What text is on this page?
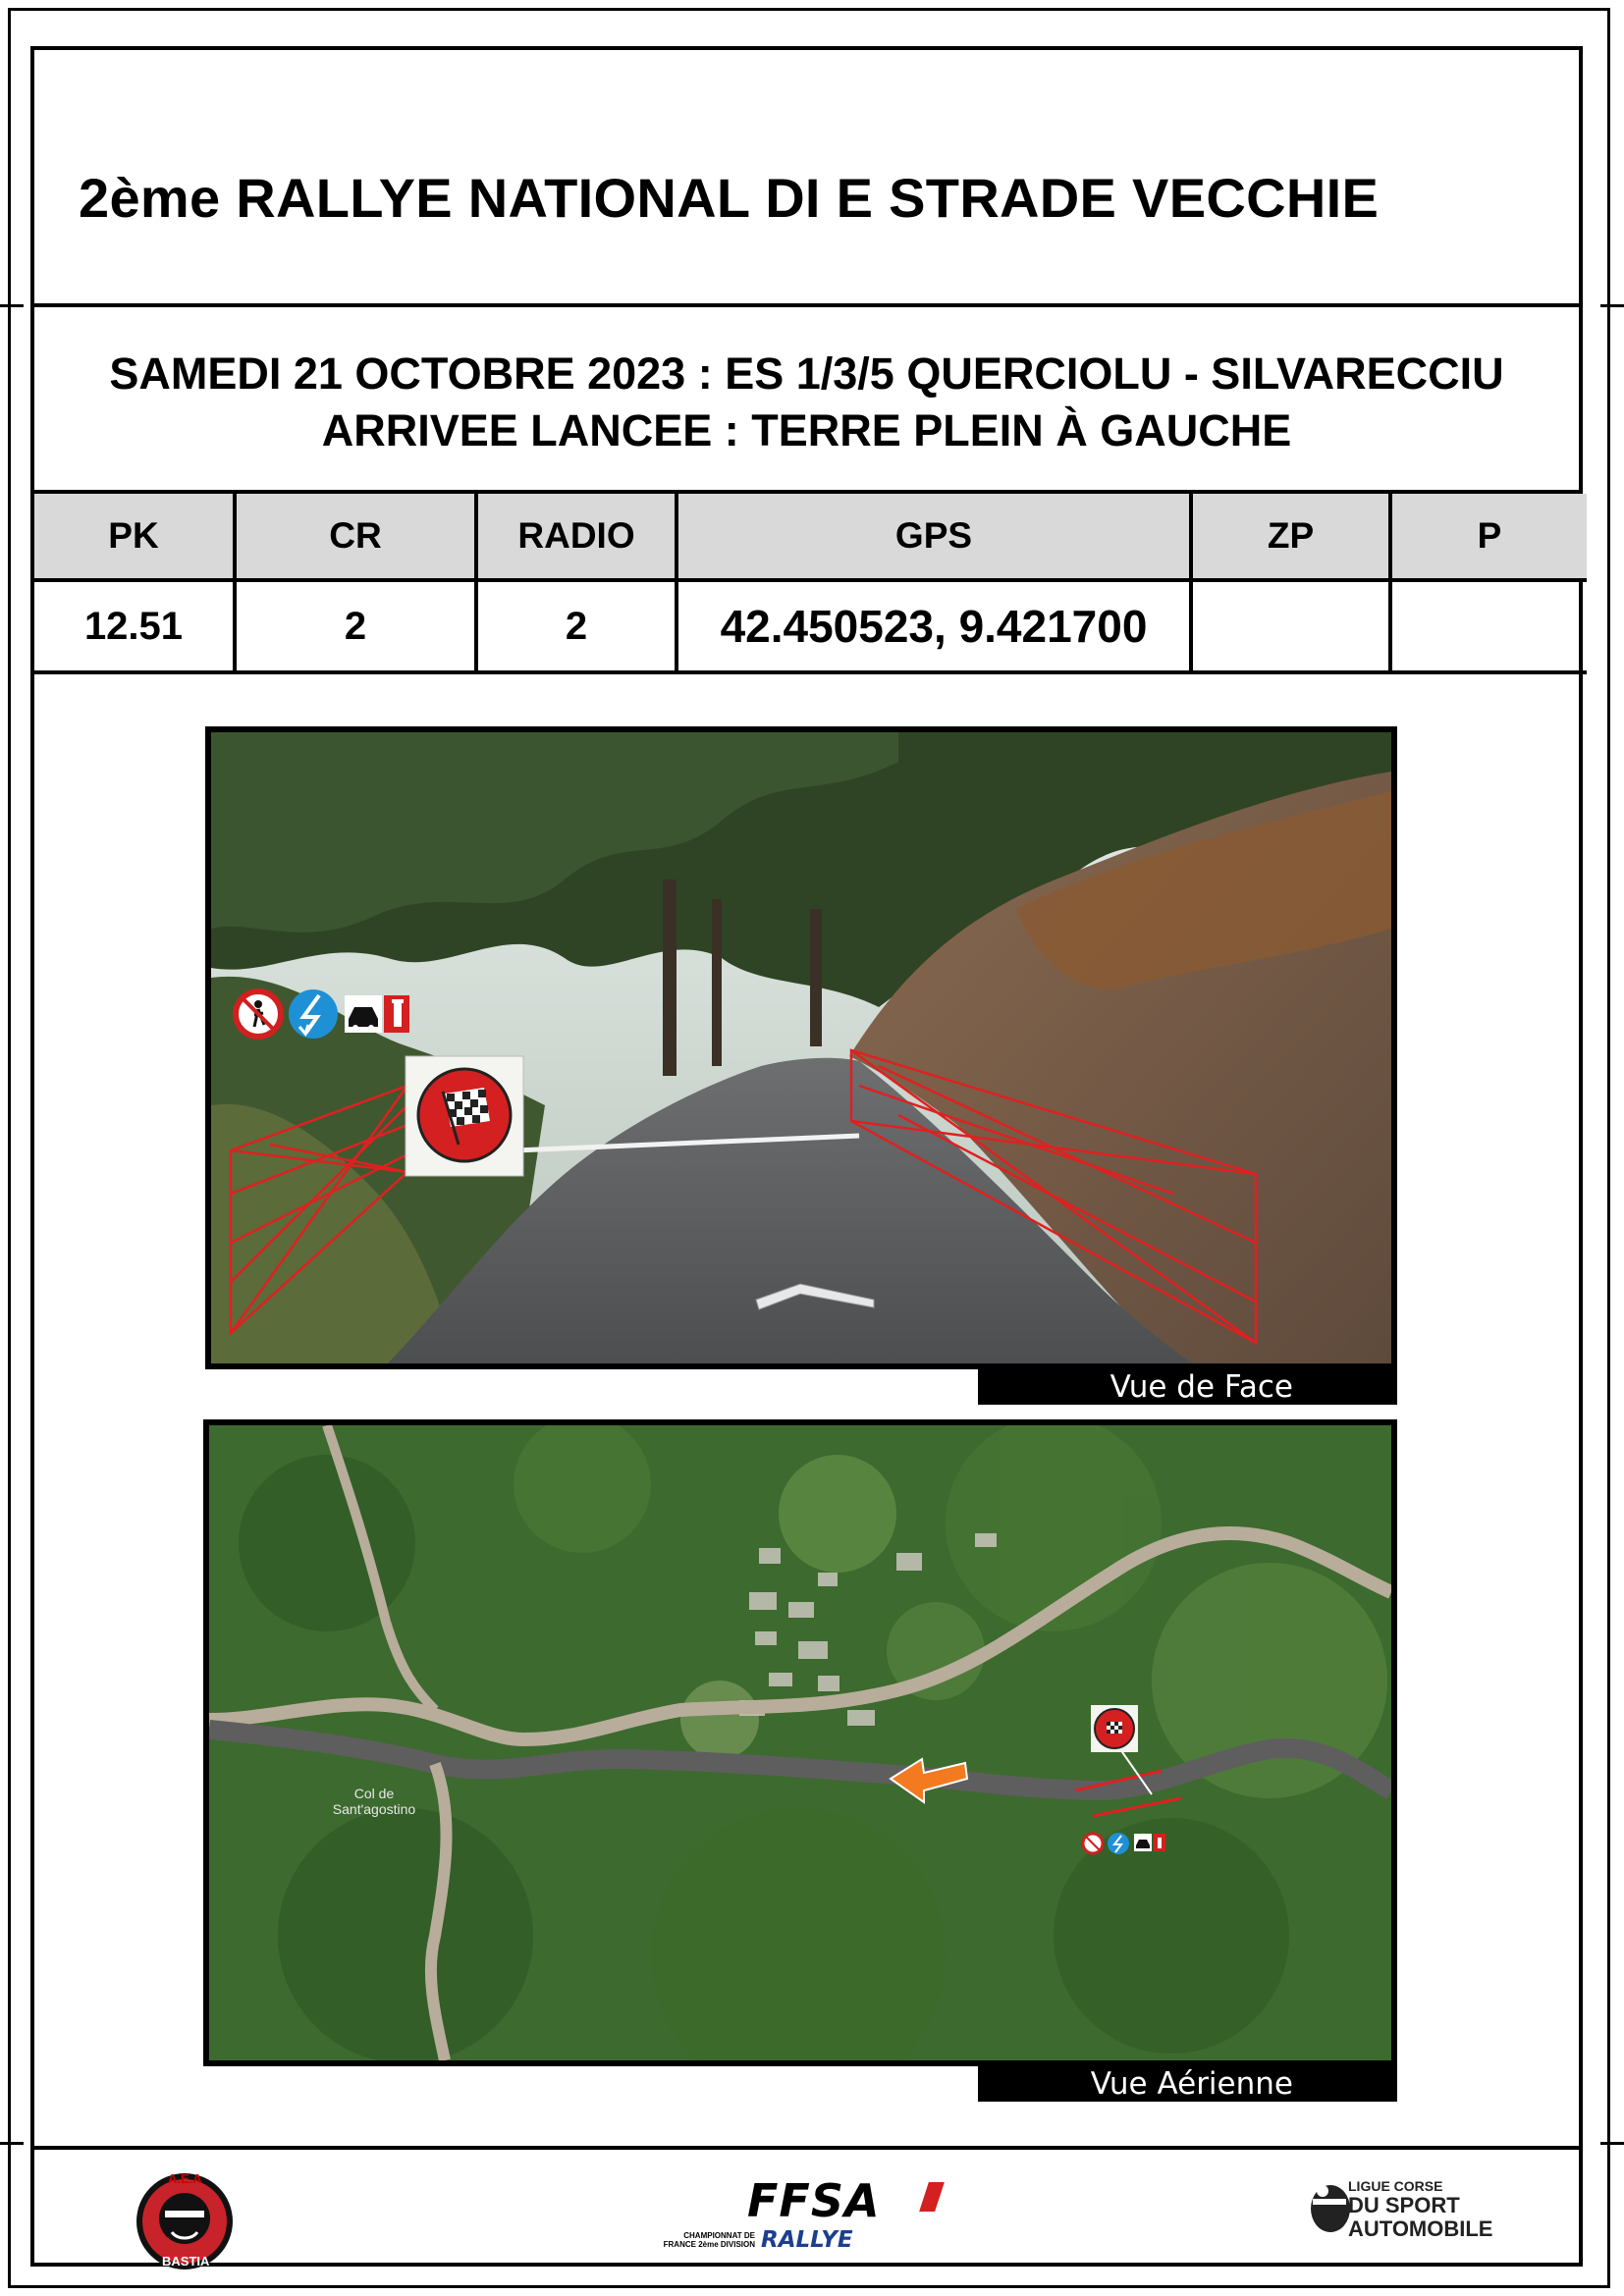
2ème RALLYE NATIONAL DI E STRADE VECCHIE
SAMEDI 21 OCTOBRE 2023 : ES 1/3/5 QUERCIOLU - SILVARECCIU
ARRIVEE LANCEE : TERRE PLEIN À GAUCHE
PK	CR	RADIO	GPS	ZP	P
12.51	2	2	42.450523, 9.421700		
Vue de Face
Col de
Sant'agostino
Vue Aérienne
A.E.A
BASTIA
FFSA
CHAMPIONNAT DE
FRANCE 2ème DIVISION RALLYE
LIGUE CORSE
DU SPORT
AUTOMOBILE
